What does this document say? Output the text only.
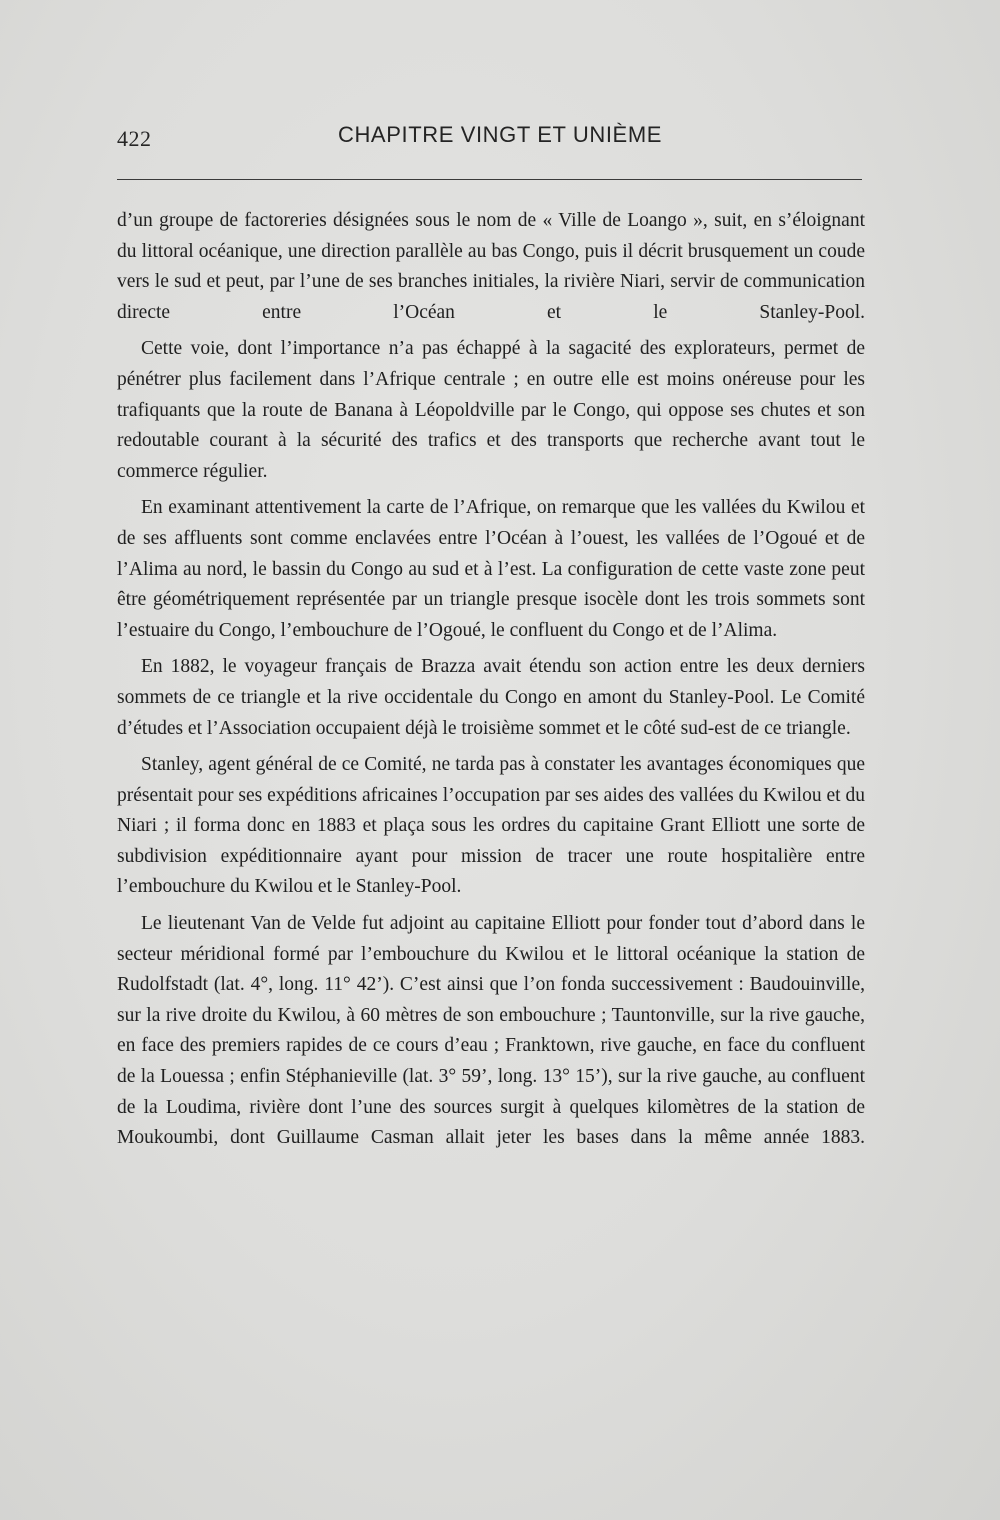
422	CHAPITRE VINGT ET UNIÈME

d’un groupe de factoreries désignées sous le nom de « Ville de Loango », suit, en s’éloignant du littoral océanique, une direction parallèle au bas Congo, puis il décrit brusquement un coude vers le sud et peut, par l’une de ses branches initiales, la rivière Niari, servir de communication directe entre l’Océan et le Stanley-Pool.

Cette voie, dont l’importance n’a pas échappé à la sagacité des explorateurs, permet de pénétrer plus facilement dans l’Afrique centrale ; en outre elle est moins onéreuse pour les trafiquants que la route de Banana à Léopoldville par le Congo, qui oppose ses chutes et son redoutable courant à la sécurité des trafics et des transports que recherche avant tout le commerce régulier.

En examinant attentivement la carte de l’Afrique, on remarque que les vallées du Kwilou et de ses affluents sont comme enclavées entre l’Océan à l’ouest, les vallées de l’Ogoué et de l’Alima au nord, le bassin du Congo au sud et à l’est. La configuration de cette vaste zone peut être géométriquement représentée par un triangle presque isocèle dont les trois sommets sont l’estuaire du Congo, l’embouchure de l’Ogoué, le confluent du Congo et de l’Alima.

En 1882, le voyageur français de Brazza avait étendu son action entre les deux derniers sommets de ce triangle et la rive occidentale du Congo en amont du Stanley-Pool. Le Comité d’études et l’Association occupaient déjà le troisième sommet et le côté sud-est de ce triangle.

Stanley, agent général de ce Comité, ne tarda pas à constater les avantages économiques que présentait pour ses expéditions africaines l’occupation par ses aides des vallées du Kwilou et du Niari ; il forma donc en 1883 et plaça sous les ordres du capitaine Grant Elliott une sorte de subdivision expéditionnaire ayant pour mission de tracer une route hospitalière entre l’embouchure du Kwilou et le Stanley-Pool.

Le lieutenant Van de Velde fut adjoint au capitaine Elliott pour fonder tout d’abord dans le secteur méridional formé par l’embouchure du Kwilou et le littoral océanique la station de Rudolfstadt (lat. 4°, long. 11° 42’). C’est ainsi que l’on fonda successivement : Baudouinville, sur la rive droite du Kwilou, à 60 mètres de son embouchure ; Tauntonville, sur la rive gauche, en face des premiers rapides de ce cours d’eau ; Franktown, rive gauche, en face du confluent de la Louessa ; enfin Stéphanieville (lat. 3° 59’, long. 13° 15’), sur la rive gauche, au confluent de la Loudima, rivière dont l’une des sources surgit à quelques kilomètres de la station de Moukoumbi, dont Guillaume Casman allait jeter les bases dans la même année 1883.
